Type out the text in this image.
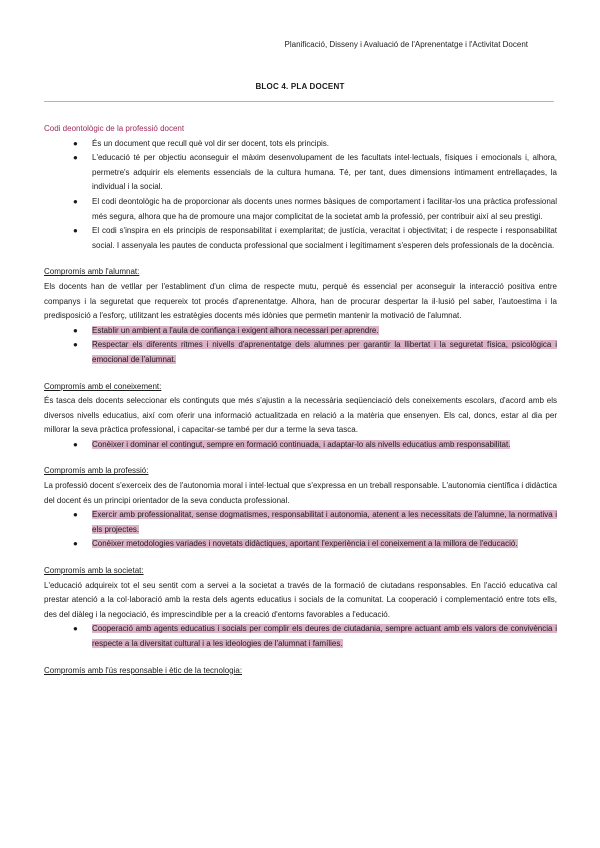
Planificació, Disseny i Avaluació de l'Aprenentatge i l'Activitat Docent
BLOC 4. PLA DOCENT

Codi deontològic de la professió docent

● És un document que recull què vol dir ser docent, tots els principis.
● L'educació té per objectiu aconseguir el màxim desenvolupament de les facultats intel·lectuals, físiques i emocionals i, alhora, permetre's adquirir els elements essencials de la cultura humana. Té, per tant, dues dimensions íntimament entrellaçades, la individual i la social.
● El codi deontològic ha de proporcionar als docents unes normes bàsiques de comportament i facilitar-los una pràctica professional més segura, alhora que ha de promoure una major complicitat de la societat amb la professió, per contribuir així al seu prestigi.
● El codi s'inspira en els principis de responsabilitat i exemplaritat; de justícia, veracitat i objectivitat; i de respecte i responsabilitat social. I assenyala les pautes de conducta professional que socialment i legítimament s'esperen dels professionals de la docència.

Compromís amb l'alumnat:

Els docents han de vetllar per l'establiment d'un clima de respecte mutu, perquè és essencial per aconseguir la interacció positiva entre companys i la seguretat que requereix tot procés d'aprenentatge. Alhora, han de procurar despertar la il·lusió pel saber, l'autoestima i la predisposició a l'esforç, utilitzant les estratègies docents més idònies que permetin mantenir la motivació de l'alumnat.

● Establir un ambient a l'aula de confiança i exigent alhora necessari per aprendre.
● Respectar els diferents ritmes i nivells d'aprenentatge dels alumnes per garantir la llibertat i la seguretat física, psicològica i emocional de l'alumnat.

Compromís amb el coneixement:

És tasca dels docents seleccionar els continguts que més s'ajustin a la necessària seqüenciació dels coneixements escolars, d'acord amb els diversos nivells educatius, així com oferir una informació actualitzada en relació a la matèria que ensenyen. Els cal, doncs, estar al dia per millorar la seva pràctica professional, i capacitar-se també per dur a terme la seva tasca.

● Conèixer i dominar el contingut, sempre en formació continuada, i adaptar-lo als nivells educatius amb responsabilitat.

Compromís amb la professió:

La professió docent s'exerceix des de l'autonomia moral i intel·lectual que s'expressa en un treball responsable. L'autonomia científica i didàctica del docent és un principi orientador de la seva conducta professional.

● Exercir amb professionalitat, sense dogmatismes, responsabilitat i autonomia, atenent a les necessitats de l'alumne, la normativa i els projectes.
● Conèixer metodologies variades i novetats didàctiques, aportant l'experiència i el coneixement a la millora de l'educació.

Compromís amb la societat:

L'educació adquireix tot el seu sentit com a servei a la societat a través de la formació de ciutadans responsables. En l'acció educativa cal prestar atenció a la col·laboració amb la resta dels agents educatius i socials de la comunitat. La cooperació i complementació entre tots ells, des del diàleg i la negociació, és imprescindible per a la creació d'entorns favorables a l'educació.

● Cooperació amb agents educatius i socials per complir els deures de ciutadania, sempre actuant amb els valors de convivència i respecte a la diversitat cultural i a les ideologies de l'alumnat i famílies.

Compromís amb l'ús responsable i ètic de la tecnologia:
